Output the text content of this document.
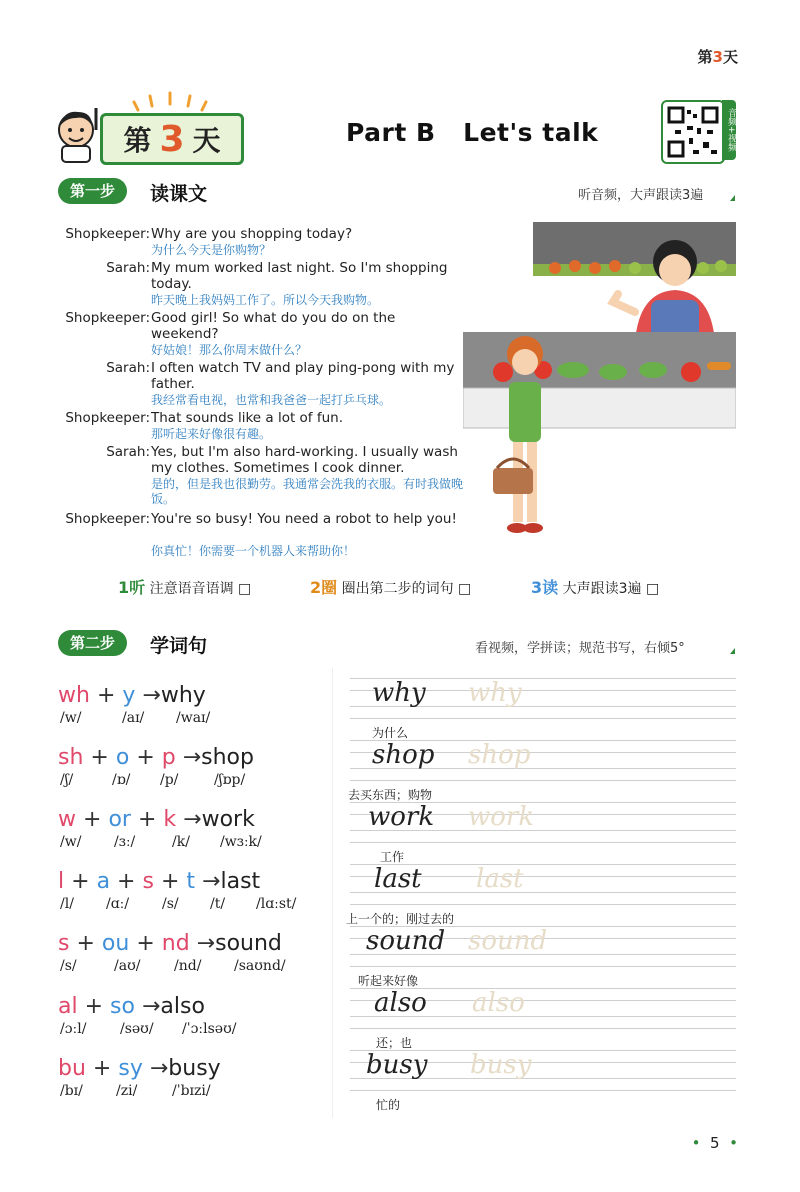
第3天
第 3 天	Part B   Let's talk	音频+视频
第一步	读课文	听音频，大声跟读3遍
Shopkeeper: Why are you shopping today?
为什么今天是你购物？
Sarah: My mum worked last night. So I'm shopping today.
昨天晚上我妈妈工作了。所以今天我购物。
Shopkeeper: Good girl! So what do you do on the weekend?
好姑娘！那么你周末做什么？
Sarah: I often watch TV and play ping-pong with my father.
我经常看电视，也常和我爸爸一起打乒乓球。
Shopkeeper: That sounds like a lot of fun.
那听起来好像很有趣。
Sarah: Yes, but I'm also hard-working. I usually wash my clothes. Sometimes I cook dinner.
是的，但是我也很勤劳。我通常会洗我的衣服。有时我做晚饭。
Shopkeeper: You're so busy! You need a robot to help you!
你真忙！你需要一个机器人来帮助你！
1听 注意语音语调 □	2圈 圈出第二步的词句 □	3读 大声跟读3遍 □
第二步	学词句	看视频，学拼读；规范书写，右倾5°
wh + y →why
/w/	/aɪ/ /waɪ/
sh + o + p →shop
/ʃ/	/ɒ/ /p/	/ʃɒp/
w + or + k →work
/w/ /ɜː/	/k/ /wɜːk/
l + a + s + t →last
/l/ /ɑː/ /s/ /t/ /lɑːst/
s + ou + nd →sound
/s/	/aʊ/ /nd/ /saʊnd/
al + so →also
/ɔːl/ /səʊ/ /ˈɔːlsəʊ/
bu + sy →busy
/bɪ/ /zi/ /ˈbɪzi/
why why
为什么
shop shop
去买东西；购物
work work
工作
last last
上一个的；刚过去的
sound sound
听起来好像
also also
还；也
busy busy
忙的
• 5 •
